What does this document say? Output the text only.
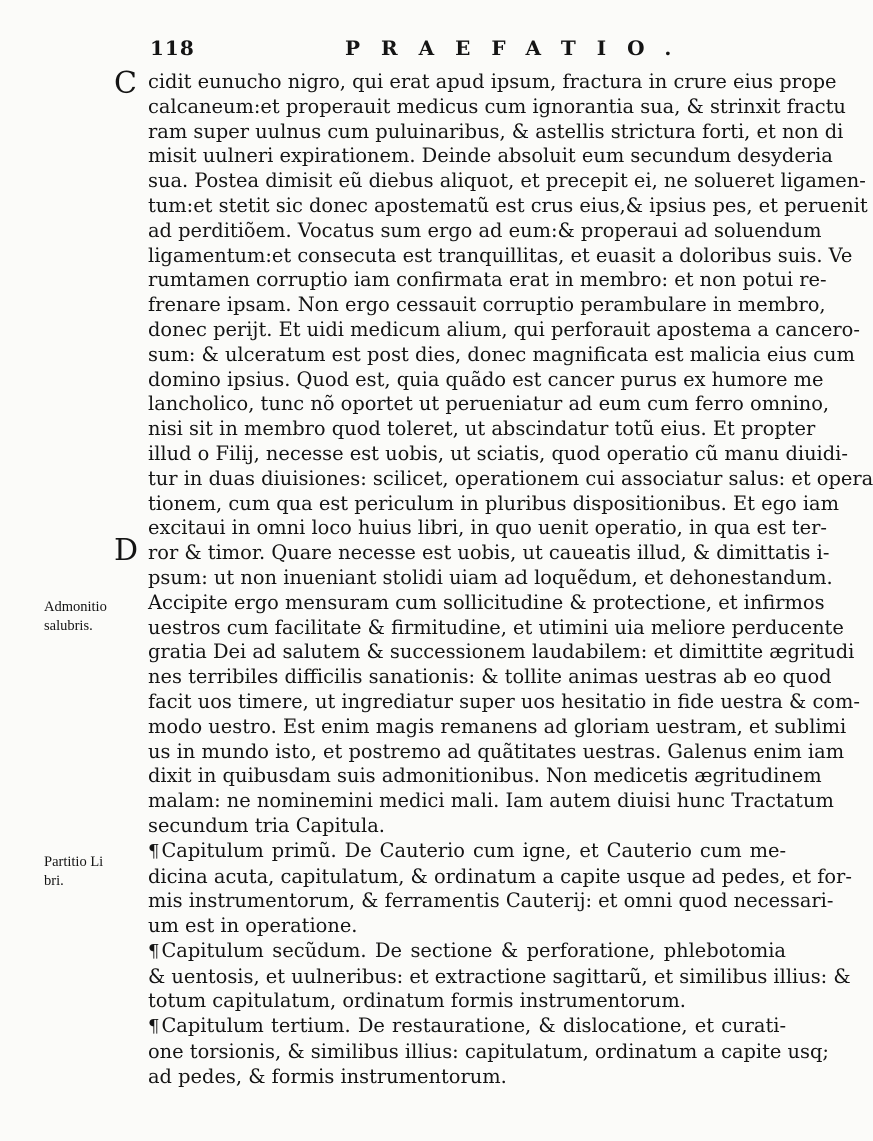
118	PRAEFATIO.
C
D
Admonitio
salubris.
Partitio Li
bri.
cidit eunucho nigro, qui erat apud ipsum, fractura in crure eius prope
calcaneum:et properauit medicus cum ignorantia sua, & strinxit fractu
ram super uulnus cum puluinaribus, & astellis strictura forti, et non di
misit uulneri expirationem. Deinde absoluit eum secundum desyderia
sua. Postea dimisit eũ diebus aliquot, et precepit ei, ne solueret ligamen-
tum:et stetit sic donec apostematũ est crus eius,& ipsius pes, et peruenit
ad perditiõem. Vocatus sum ergo ad eum:& properaui ad soluendum
ligamentum:et consecuta est tranquillitas, et euasit a doloribus suis. Ve
rumtamen corruptio iam confirmata erat in membro: et non potui re-
frenare ipsam. Non ergo cessauit corruptio perambulare in membro,
donec perijt. Et uidi medicum alium, qui perforauit apostema a cancero-
sum: & ulceratum est post dies, donec magnificata est malicia eius cum
domino ipsius. Quod est, quia quãdo est cancer purus ex humore me
lancholico, tunc nõ oportet ut perueniatur ad eum cum ferro omnino,
nisi sit in membro quod toleret, ut abscindatur totũ eius. Et propter
illud o Filij, necesse est uobis, ut sciatis, quod operatio cũ manu diuidi-
tur in duas diuisiones: scilicet, operationem cui associatur salus: et opera
tionem, cum qua est periculum in pluribus dispositionibus. Et ego iam
excitaui in omni loco huius libri, in quo uenit operatio, in qua est ter-
ror & timor. Quare necesse est uobis, ut caueatis illud, & dimittatis i-
psum: ut non inueniant stolidi uiam ad loquẽdum, et dehonestandum.
Accipite ergo mensuram cum sollicitudine & protectione, et infirmos
uestros cum facilitate & firmitudine, et utimini uia meliore perducente
gratia Dei ad salutem & successionem laudabilem: et dimittite ægritudi
nes terribiles difficilis sanationis: & tollite animas uestras ab eo quod
facit uos timere, ut ingrediatur super uos hesitatio in fide uestra & com-
modo uestro. Est enim magis remanens ad gloriam uestram, et sublimi
us in mundo isto, et postremo ad quãtitates uestras. Galenus enim iam
dixit in quibusdam suis admonitionibus. Non medicetis ægritudinem
malam: ne nominemini medici mali. Iam autem diuisi hunc Tractatum
secundum tria Capitula.
¶ Capitulum primũ. De Cauterio cum igne, et Cauterio cum me-
dicina acuta, capitulatum, & ordinatum a capite usque ad pedes, et for-
mis instrumentorum, & ferramentis Cauterij: et omni quod necessari-
um est in operatione.
¶ Capitulum secũdum. De sectione & perforatione, phlebotomia
& uentosis, et uulneribus: et extractione sagittarũ, et similibus illius: &
totum capitulatum, ordinatum formis instrumentorum.
¶ Capitulum tertium. De restauratione, & dislocatione, et curati-
one torsionis, & similibus illius: capitulatum, ordinatum a capite usq;
ad pedes, & formis instrumentorum.
